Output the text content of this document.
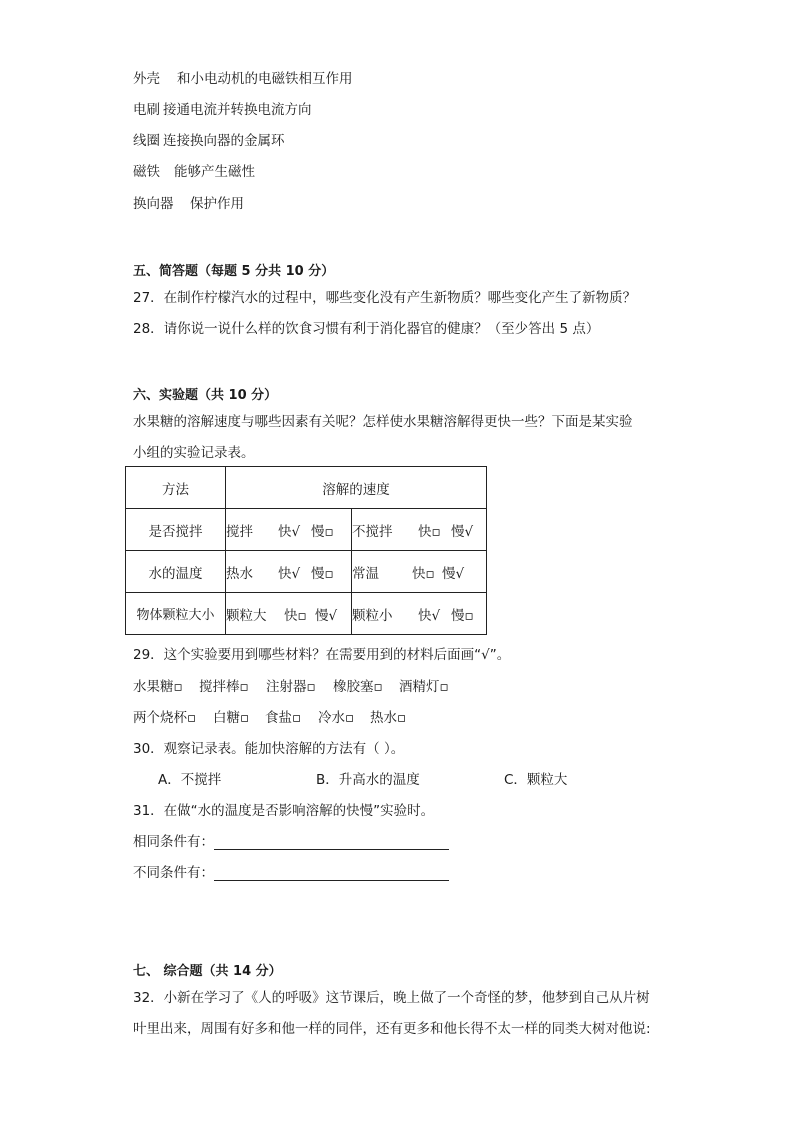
外壳 和小电动机的电磁铁相互作用
电刷 接通电流并转换电流方向
线圈 连接换向器的金属环
磁铁 能够产生磁性
换向器 保护作用
五、简答题（每题 5 分共 10 分）
27．在制作柠檬汽水的过程中，哪些变化没有产生新物质？哪些变化产生了新物质？
28．请你说一说什么样的饮食习惯有利于消化器官的健康？（至少答出 5 点）
六、实验题（共 10 分）
水果糖的溶解速度与哪些因素有关呢？怎样使水果糖溶解得更快一些？下面是某实验
小组的实验记录表。
方法	溶解的速度	
是否搅拌	搅拌 快√ 慢▫	不搅拌 快▫ 慢√
水的温度	热水 快√ 慢▫	常温 快▫ 慢√
物体颗粒大小	颗粒大 快▫ 慢√	颗粒小 快√ 慢▫
29．这个实验要用到哪些材料？在需要用到的材料后面画“√”。
水果糖▫ 搅拌棒▫ 注射器▫ 橡胶塞▫ 酒精灯▫
两个烧杯▫ 白糖▫ 食盐▫ 冷水▫ 热水▫
30．观察记录表。能加快溶解的方法有（ ）。
A．不搅拌	B．升高水的温度	C．颗粒大
31．在做“水的温度是否影响溶解的快慢”实验时。
相同条件有：
不同条件有：
七、 综合题（共 14 分）
32．小新在学习了《人的呼吸》这节课后，晚上做了一个奇怪的梦，他梦到自己从片树
叶里出来，周围有好多和他一样的同伴，还有更多和他长得不太一样的同类大树对他说:
